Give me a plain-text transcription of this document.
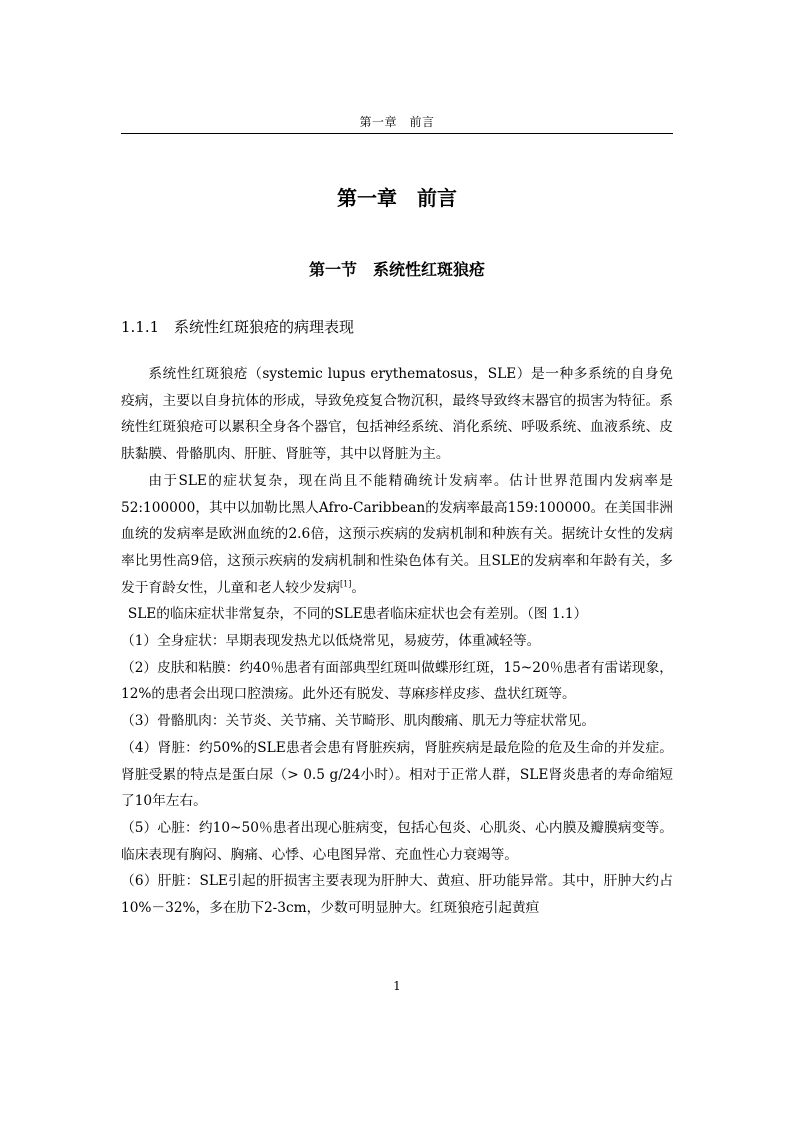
第一章　前言
第一章　前言
第一节　系统性红斑狼疮
1.1.1 系统性红斑狼疮的病理表现

系统性红斑狼疮（systemic lupus erythematosus，SLE）是一种多系统的自身免疫病，主要以自身抗体的形成，导致免疫复合物沉积，最终导致终末器官的损害为特征。系统性红斑狼疮可以累积全身各个器官，包括神经系统、消化系统、呼吸系统、血液系统、皮肤黏膜、骨骼肌肉、肝脏、肾脏等，其中以肾脏为主。

由于SLE的症状复杂，现在尚且不能精确统计发病率。估计世界范围内发病率是52:100000，其中以加勒比黑人Afro-Caribbean的发病率最高159:100000。在美国非洲血统的发病率是欧洲血统的2.6倍，这预示疾病的发病机制和种族有关。据统计女性的发病率比男性高9倍，这预示疾病的发病机制和性染色体有关。且SLE的发病率和年龄有关，多发于育龄女性，儿童和老人较少发病[1]。

SLE的临床症状非常复杂，不同的SLE患者临床症状也会有差别。（图 1.1）

（1）全身症状：早期表现发热尤以低烧常见，易疲劳，体重减轻等。

（2）皮肤和粘膜：约40％患者有面部典型红斑叫做蝶形红斑，15~20％患者有雷诺现象，12%的患者会出现口腔溃疡。此外还有脱发、荨麻疹样皮疹、盘状红斑等。

（3）骨骼肌肉：关节炎、关节痛、关节畸形、肌肉酸痛、肌无力等症状常见。

（4）肾脏：约50%的SLE患者会患有肾脏疾病，肾脏疾病是最危险的危及生命的并发症。肾脏受累的特点是蛋白尿（> 0.5 g/24小时）。相对于正常人群，SLE肾炎患者的寿命缩短了10年左右。

（5）心脏：约10~50％患者出现心脏病变，包括心包炎、心肌炎、心内膜及瓣膜病变等。临床表现有胸闷、胸痛、心悸、心电图异常、充血性心力衰竭等。

（6）肝脏：SLE引起的肝损害主要表现为肝肿大、黄疸、肝功能异常。其中，肝肿大约占10%－32%，多在肋下2-3cm，少数可明显肿大。红斑狼疮引起黄疸

1
